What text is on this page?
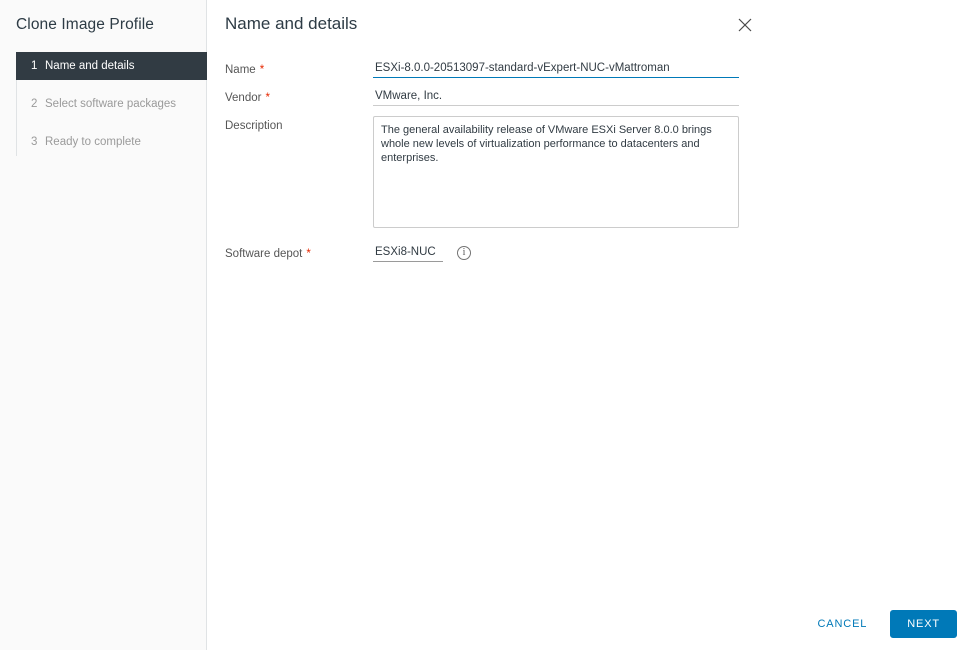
Clone Image Profile
1 Name and details
2 Select software packages
3 Ready to complete
Name and details
Name *
ESXi-8.0.0-20513097-standard-vExpert-NUC-vMattroman
Vendor *
VMware, Inc.
Description
The general availability release of VMware ESXi Server 8.0.0 brings whole new levels of virtualization performance to datacenters and enterprises.
Software depot *
ESXi8-NUC	i
CANCEL	NEXT
